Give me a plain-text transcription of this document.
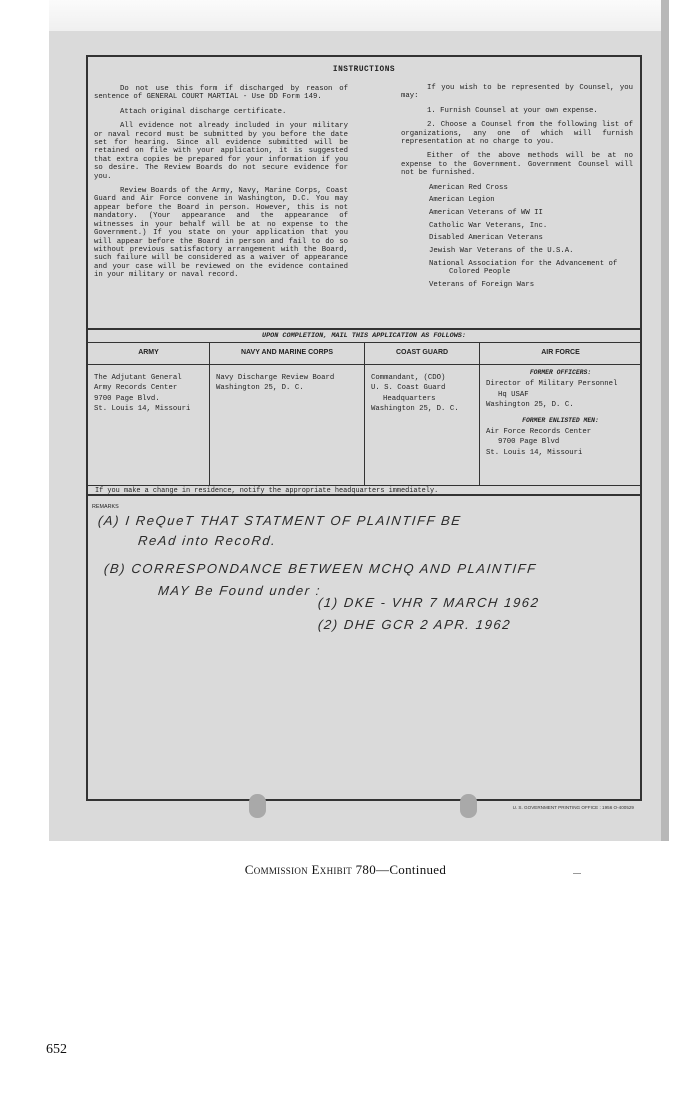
INSTRUCTIONS

Do not use this form if discharged by reason of sentence of GENERAL COURT MARTIAL - Use DD Form 149.

Attach original discharge certificate.

All evidence not already included in your military or naval record must be submitted by you before the date set for hearing. Since all evidence submitted will be retained on file with your application, it is suggested that extra copies be prepared for your information if you so desire. The Review Boards do not secure evidence for you.

Review Boards of the Army, Navy, Marine Corps, Coast Guard and Air Force convene in Washington, D.C. You may appear before the Board in person. However, this is not mandatory. (Your appearance and the appearance of witnesses in your behalf will be at no expense to the Government.) If you state on your application that you will appear before the Board in person and fail to do so without previous satisfactory arrangement with the Board, such failure will be considered as a waiver of appearance and your case will be reviewed on the evidence contained in your military or naval record.

If you wish to be represented by Counsel, you may:

1. Furnish Counsel at your own expense.

2. Choose a Counsel from the following list of organizations, any one of which will furnish representation at no charge to you.

Either of the above methods will be at no expense to the Government. Government Counsel will not be furnished.

American Red Cross
American Legion
American Veterans of WW II
Catholic War Veterans, Inc.
Disabled American Veterans
Jewish War Veterans of the U.S.A.
National Association for the Advancement of
Colored People
Veterans of Foreign Wars
UPON COMPLETION, MAIL THIS APPLICATION AS FOLLOWS:
ARMY
The Adjutant General
Army Records Center
9700 Page Blvd.
St. Louis 14, Missouri
NAVY AND MARINE CORPS
Navy Discharge Review Board
Washington 25, D. C.
COAST GUARD
Commandant, (CDO)
U. S. Coast Guard
Headquarters
Washington 25, D. C.
AIR FORCE
FORMER OFFICERS:
Director of Military Personnel
Hq USAF
Washington 25, D. C.
FORMER ENLISTED MEN:
Air Force Records Center
9700 Page Blvd
St. Louis 14, Missouri
If you make a change in residence, notify the appropriate headquarters immediately.
REMARKS
(A) I ReQueT THAT STATMENT OF PLAINTIFF BE
ReAd into RecoRd.
(B) CORRESPONDANCE BETWEEN MCHQ AND PLAINTIFF
MAY Be Found under :
(1) DKE - VHR 7 MARCH 1962
(2) DHE GCR 2 APR. 1962
U. S. GOVERNMENT PRINTING OFFICE : 1956 O-400529
Commission Exhibit 780—Continued
652
